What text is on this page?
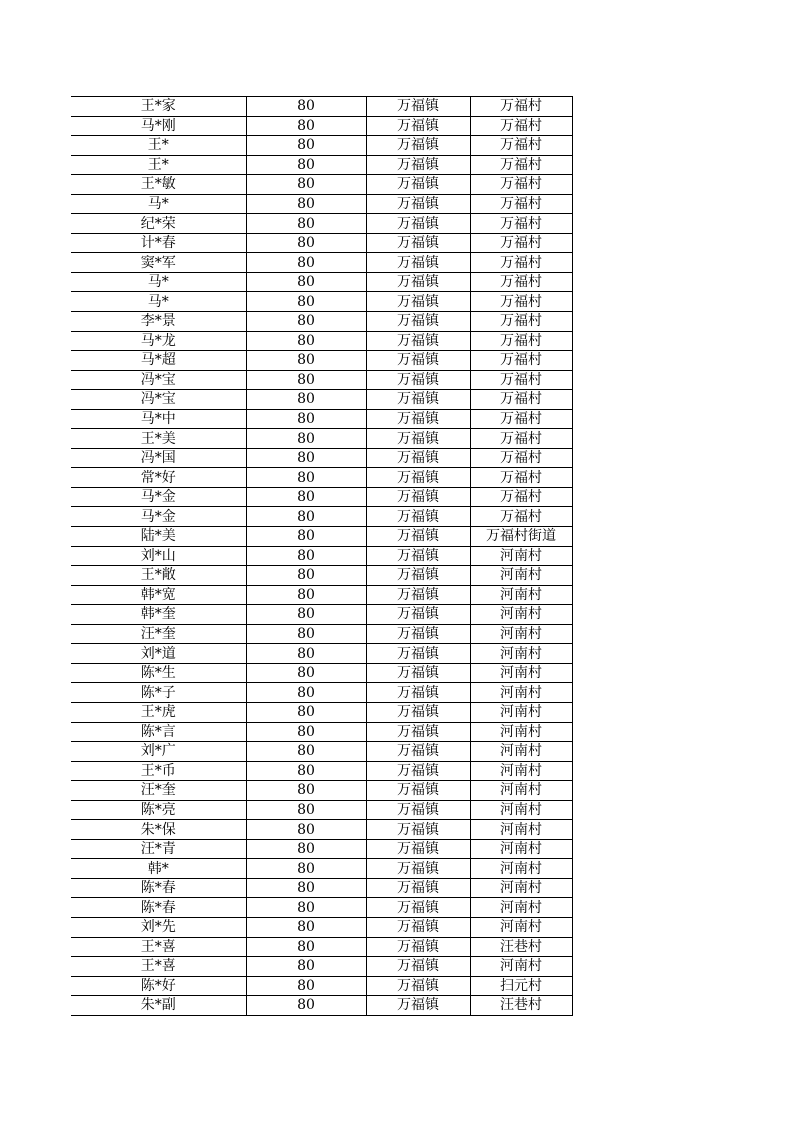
王*家	80	万福镇	万福村
马*刚	80	万福镇	万福村
王*	80	万福镇	万福村
王*	80	万福镇	万福村
王*敏	80	万福镇	万福村
马*	80	万福镇	万福村
纪*荣	80	万福镇	万福村
计*春	80	万福镇	万福村
窦*军	80	万福镇	万福村
马*	80	万福镇	万福村
马*	80	万福镇	万福村
李*景	80	万福镇	万福村
马*龙	80	万福镇	万福村
马*超	80	万福镇	万福村
冯*宝	80	万福镇	万福村
冯*宝	80	万福镇	万福村
马*中	80	万福镇	万福村
王*美	80	万福镇	万福村
冯*国	80	万福镇	万福村
常*好	80	万福镇	万福村
马*金	80	万福镇	万福村
马*金	80	万福镇	万福村
陆*美	80	万福镇	万福村街道
刘*山	80	万福镇	河南村
王*敞	80	万福镇	河南村
韩*宽	80	万福镇	河南村
韩*奎	80	万福镇	河南村
汪*奎	80	万福镇	河南村
刘*道	80	万福镇	河南村
陈*生	80	万福镇	河南村
陈*子	80	万福镇	河南村
王*虎	80	万福镇	河南村
陈*言	80	万福镇	河南村
刘*广	80	万福镇	河南村
王*币	80	万福镇	河南村
汪*奎	80	万福镇	河南村
陈*亮	80	万福镇	河南村
朱*保	80	万福镇	河南村
汪*青	80	万福镇	河南村
韩*	80	万福镇	河南村
陈*春	80	万福镇	河南村
陈*春	80	万福镇	河南村
刘*先	80	万福镇	河南村
王*喜	80	万福镇	汪巷村
王*喜	80	万福镇	河南村
陈*好	80	万福镇	扫元村
朱*副	80	万福镇	汪巷村
